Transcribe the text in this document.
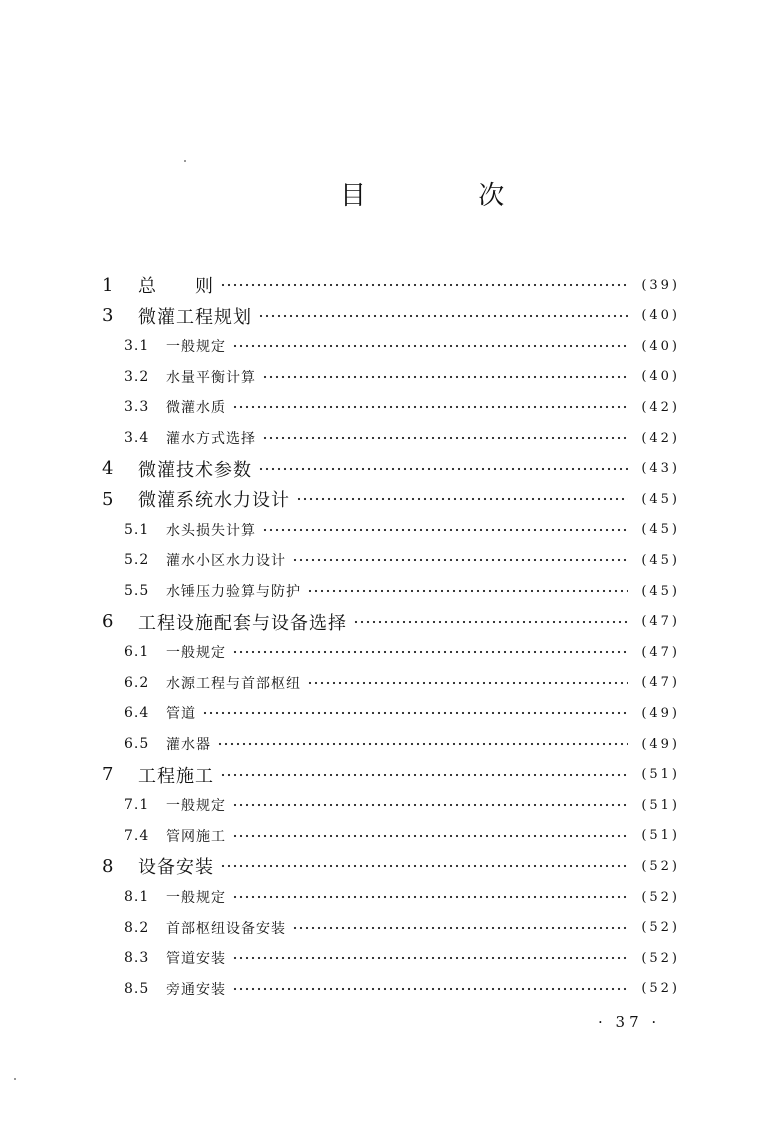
目 次
1	总　　则	(39)
3	微灌工程规划	(40)
3.1	一般规定	(40)
3.2	水量平衡计算	(40)
3.3	微灌水质	(42)
3.4	灌水方式选择	(42)
4	微灌技术参数	(43)
5	微灌系统水力设计	(45)
5.1	水头损失计算	(45)
5.2	灌水小区水力设计	(45)
5.5	水锤压力验算与防护	(45)
6	工程设施配套与设备选择	(47)
6.1	一般规定	(47)
6.2	水源工程与首部枢纽	(47)
6.4	管道	(49)
6.5	灌水器	(49)
7	工程施工	(51)
7.1	一般规定	(51)
7.4	管网施工	(51)
8	设备安装	(52)
8.1	一般规定	(52)
8.2	首部枢纽设备安装	(52)
8.3	管道安装	(52)
8.5	旁通安装	(52)
· 37 ·
